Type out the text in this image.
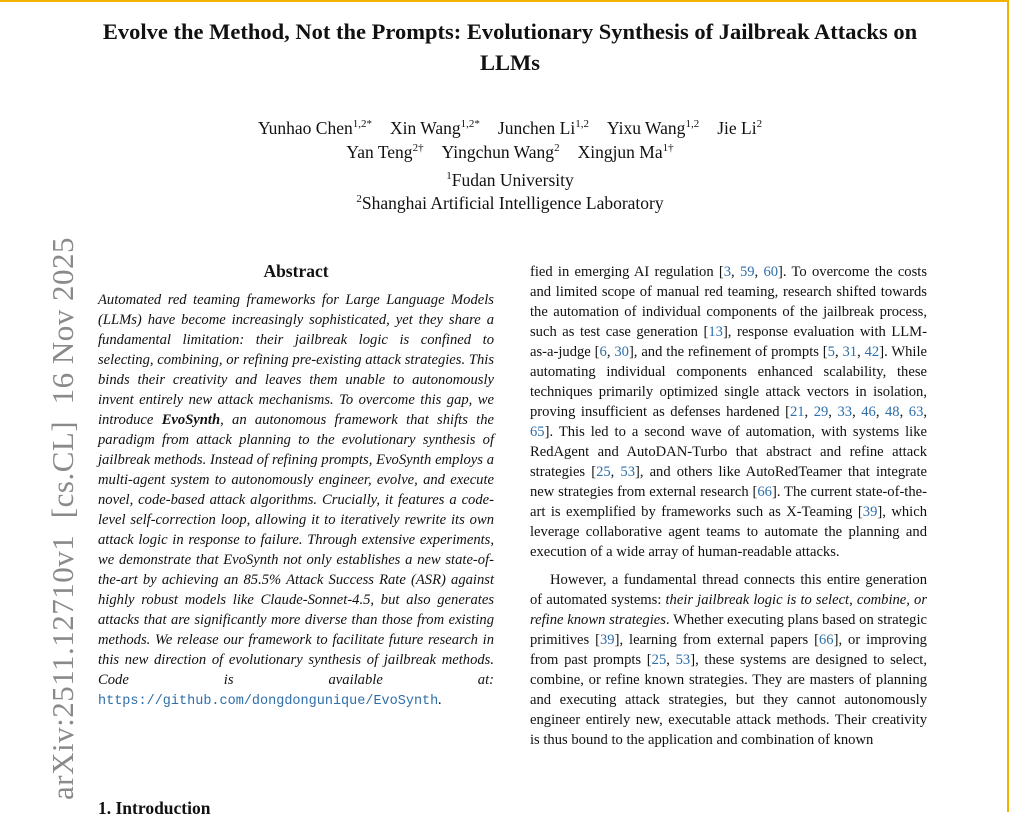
arXiv:2511.12710v1  [cs.CL]  16 Nov 2025
Evolve the Method, Not the Prompts: Evolutionary Synthesis of Jailbreak Attacks on LLMs
Yunhao Chen$^{1,2*}$ Xin Wang$^{1,2*}$ Junchen Li$^{1,2}$ Yixu Wang$^{1,2}$ Jie Li$^2$
Yan Teng$^{2\dagger}$ Yingchun Wang$^2$ Xingjun $Ma^{1\dagger}$
$^1$Fudan University
$^2$Shanghai Artificial Intelligence Laboratory
Abstract
Automated red teaming frameworks for Large Language Models (LLMs) have become increasingly sophisticated, yet they share a fundamental limitation: their jailbreak logic is confined to selecting, combining, or refining pre-existing attack strategies. This binds their creativity and leaves them unable to autonomously invent entirely new attack mechanisms. To overcome this gap, we introduce EvoSynth, an autonomous framework that shifts the paradigm from attack planning to the evolutionary synthesis of jailbreak methods. Instead of refining prompts, EvoSynth employs a multi-agent system to autonomously engineer, evolve, and execute novel, code-based attack algorithms. Crucially, it features a code-level self-correction loop, allowing it to iteratively rewrite its own attack logic in response to failure. Through extensive experiments, we demonstrate that EvoSynth not only establishes a new state-of-the-art by achieving an 85.5% Attack Success Rate (ASR) against highly robust models like Claude-Sonnet-4.5, but also generates attacks that are significantly more diverse than those from existing methods. We release our framework to facilitate future research in this new direction of evolutionary synthesis of jailbreak methods. Code is available at: https://github.com/dongdongunique/EvoSynth.
1. Introduction

fied in emerging AI regulation [3, 59, 60]. To overcome the costs and limited scope of manual red teaming, research shifted towards the automation of individual components of the jailbreak process, such as test case generation [13], response evaluation with LLM-as-a-judge [6, 30], and the refinement of prompts [5, 31, 42]. While automating individual components enhanced scalability, these techniques primarily optimized single attack vectors in isolation, proving insufficient as defenses hardened [21, 29, 33, 46, 48, 63, 65]. This led to a second wave of automation, with systems like RedAgent and AutoDAN-Turbo that abstract and refine attack strategies [25, 53], and others like AutoRedTeamer that integrate new strategies from external research [66]. The current state-of-the-art is exemplified by frameworks such as X-Teaming [39], which leverage collaborative agent teams to automate the planning and execution of a wide array of human-readable attacks.

However, a fundamental thread connects this entire generation of automated systems: their jailbreak logic is to select, combine, or refine known strategies. Whether executing plans based on strategic primitives [39], learning from external papers [66], or improving from past prompts [25, 53], these systems are designed to select, combine, or refine known strategies. They are masters of planning and executing attack strategies, but they cannot autonomously engineer entirely new, executable attack methods. Their creativity is thus bound to the application and combination of known
